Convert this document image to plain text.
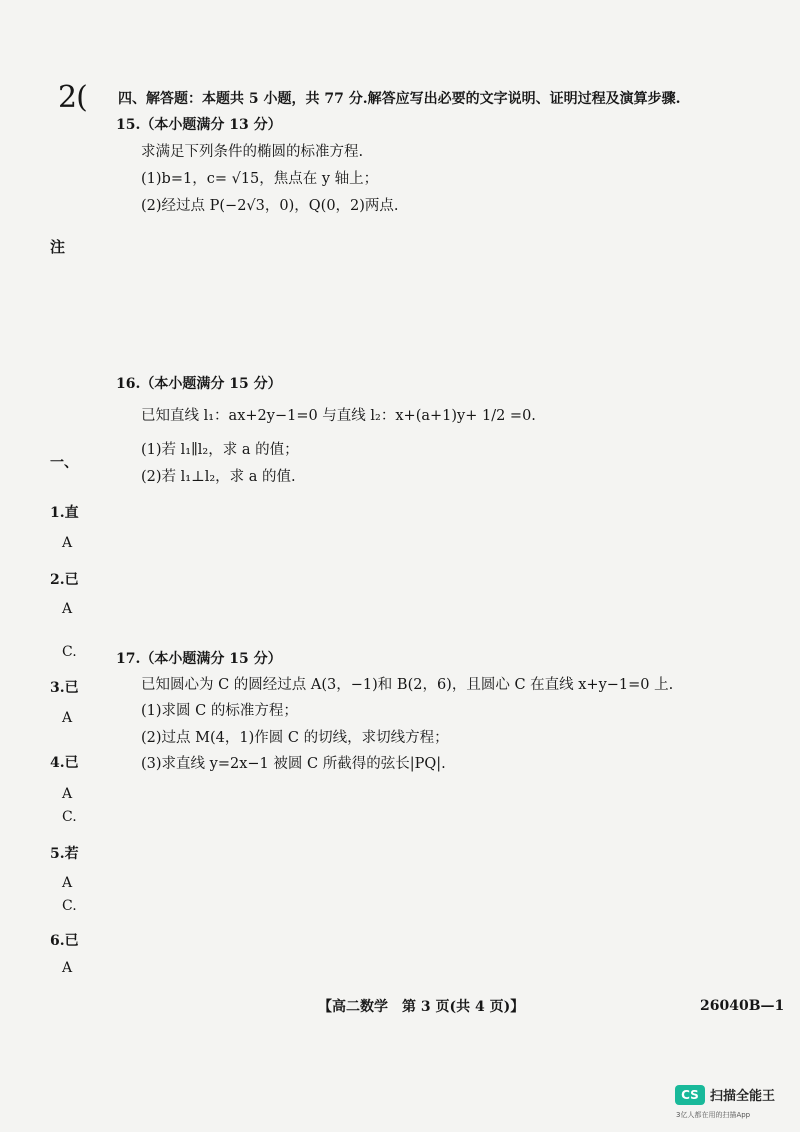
2(
注
一、
1.直
A
2.已
A
C.
3.已
A
4.已
A
C.
5.若
A
C.
6.已
A
四、解答题：本题共 5 小题，共 77 分.解答应写出必要的文字说明、证明过程及演算步骤.
15.（本小题满分 13 分）
求满足下列条件的椭圆的标准方程.
(1)b=1，c= √15，焦点在 y 轴上；
(2)经过点 P(−2√3，0)，Q(0，2)两点.
16.（本小题满分 15 分）
已知直线 l₁：ax+2y−1=0 与直线 l₂：x+(a+1)y+ 1/2 =0.
(1)若 l₁∥l₂，求 a 的值；
(2)若 l₁⊥l₂，求 a 的值.
17.（本小题满分 15 分）
已知圆心为 C 的圆经过点 A(3，−1)和 B(2，6)，且圆心 C 在直线 x+y−1=0 上.
(1)求圆 C 的标准方程；
(2)过点 M(4，1)作圆 C 的切线，求切线方程；
(3)求直线 y=2x−1 被圆 C 所截得的弦长|PQ|.
【高二数学　第 3 页(共 4 页)】	26040B—1
CS 扫描全能王
3亿人都在用的扫描App
